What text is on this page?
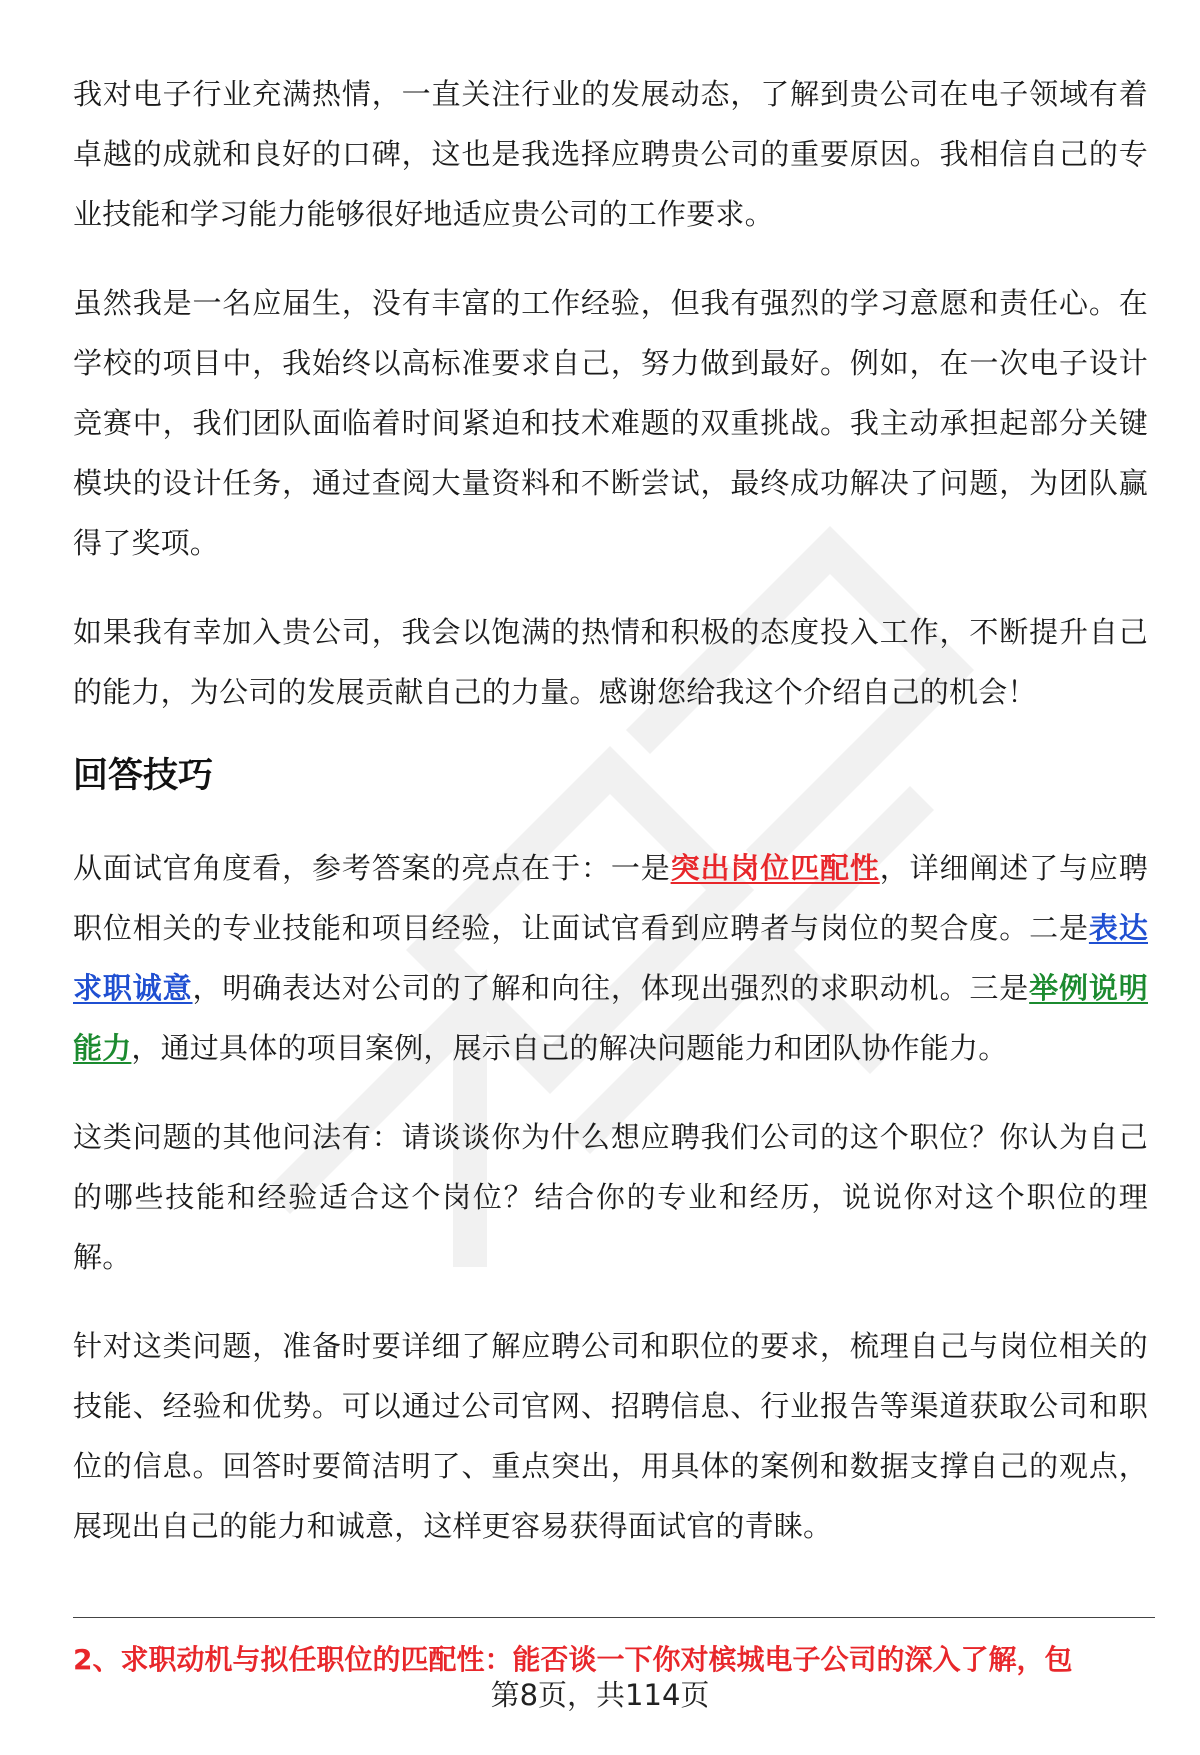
我对电子行业充满热情，一直关注行业的发展动态，了解到贵公司在电子领域有着卓越的成就和良好的口碑，这也是我选择应聘贵公司的重要原因。我相信自己的专业技能和学习能力能够很好地适应贵公司的工作要求。

虽然我是一名应届生，没有丰富的工作经验，但我有强烈的学习意愿和责任心。在学校的项目中，我始终以高标准要求自己，努力做到最好。例如，在一次电子设计竞赛中，我们团队面临着时间紧迫和技术难题的双重挑战。我主动承担起部分关键模块的设计任务，通过查阅大量资料和不断尝试，最终成功解决了问题，为团队赢得了奖项。

如果我有幸加入贵公司，我会以饱满的热情和积极的态度投入工作，不断提升自己的能力，为公司的发展贡献自己的力量。感谢您给我这个介绍自己的机会！

回答技巧

从面试官角度看，参考答案的亮点在于：一是突出岗位匹配性，详细阐述了与应聘职位相关的专业技能和项目经验，让面试官看到应聘者与岗位的契合度。二是表达求职诚意，明确表达对公司的了解和向往，体现出强烈的求职动机。三是举例说明能力，通过具体的项目案例，展示自己的解决问题能力和团队协作能力。

这类问题的其他问法有：请谈谈你为什么想应聘我们公司的这个职位？你认为自己的哪些技能和经验适合这个岗位？结合你的专业和经历，说说你对这个职位的理解。

针对这类问题，准备时要详细了解应聘公司和职位的要求，梳理自己与岗位相关的技能、经验和优势。可以通过公司官网、招聘信息、行业报告等渠道获取公司和职位的信息。回答时要简洁明了、重点突出，用具体的案例和数据支撑自己的观点，展现出自己的能力和诚意，这样更容易获得面试官的青睐。

2、求职动机与拟任职位的匹配性：能否谈一下你对槟城电子公司的深入了解，包
第8页，共114页
